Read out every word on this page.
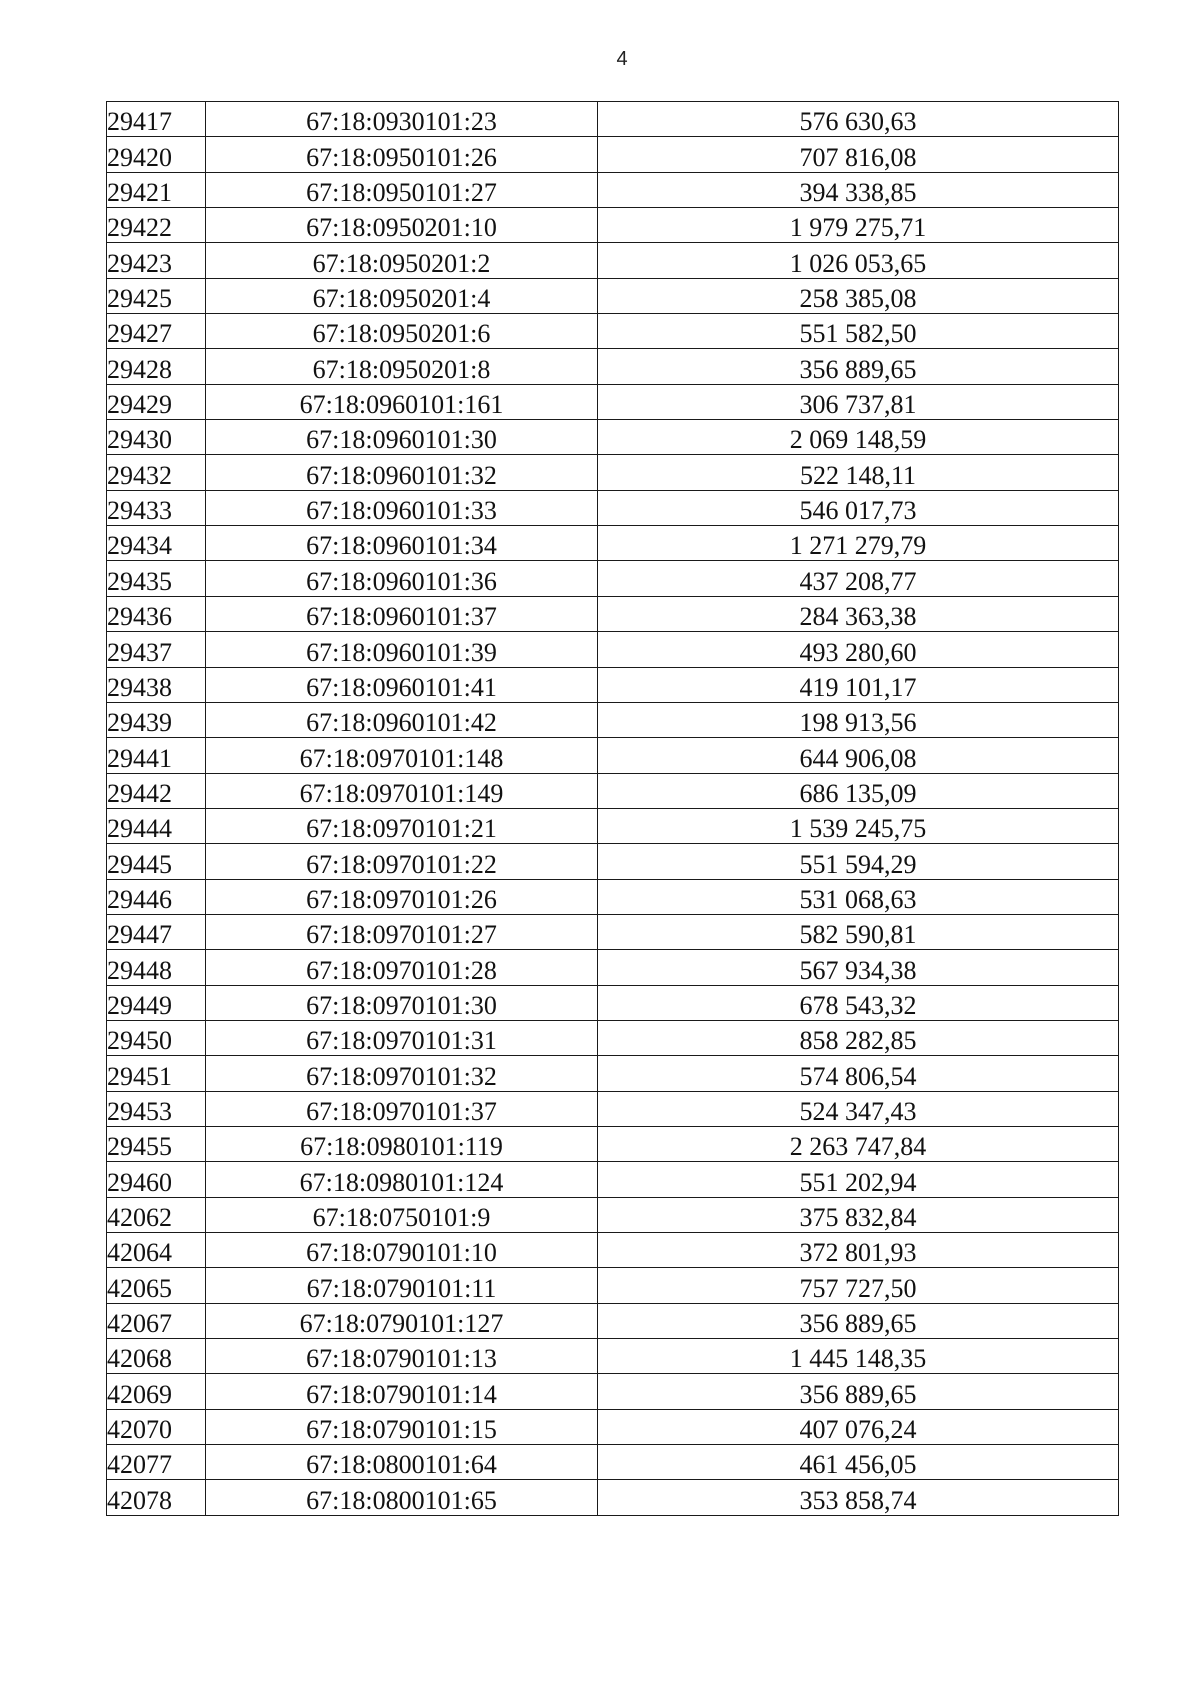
4
29417	67:18:0930101:23	576 630,63
29420	67:18:0950101:26	707 816,08
29421	67:18:0950101:27	394 338,85
29422	67:18:0950201:10	1 979 275,71
29423	67:18:0950201:2	1 026 053,65
29425	67:18:0950201:4	258 385,08
29427	67:18:0950201:6	551 582,50
29428	67:18:0950201:8	356 889,65
29429	67:18:0960101:161	306 737,81
29430	67:18:0960101:30	2 069 148,59
29432	67:18:0960101:32	522 148,11
29433	67:18:0960101:33	546 017,73
29434	67:18:0960101:34	1 271 279,79
29435	67:18:0960101:36	437 208,77
29436	67:18:0960101:37	284 363,38
29437	67:18:0960101:39	493 280,60
29438	67:18:0960101:41	419 101,17
29439	67:18:0960101:42	198 913,56
29441	67:18:0970101:148	644 906,08
29442	67:18:0970101:149	686 135,09
29444	67:18:0970101:21	1 539 245,75
29445	67:18:0970101:22	551 594,29
29446	67:18:0970101:26	531 068,63
29447	67:18:0970101:27	582 590,81
29448	67:18:0970101:28	567 934,38
29449	67:18:0970101:30	678 543,32
29450	67:18:0970101:31	858 282,85
29451	67:18:0970101:32	574 806,54
29453	67:18:0970101:37	524 347,43
29455	67:18:0980101:119	2 263 747,84
29460	67:18:0980101:124	551 202,94
42062	67:18:0750101:9	375 832,84
42064	67:18:0790101:10	372 801,93
42065	67:18:0790101:11	757 727,50
42067	67:18:0790101:127	356 889,65
42068	67:18:0790101:13	1 445 148,35
42069	67:18:0790101:14	356 889,65
42070	67:18:0790101:15	407 076,24
42077	67:18:0800101:64	461 456,05
42078	67:18:0800101:65	353 858,74
